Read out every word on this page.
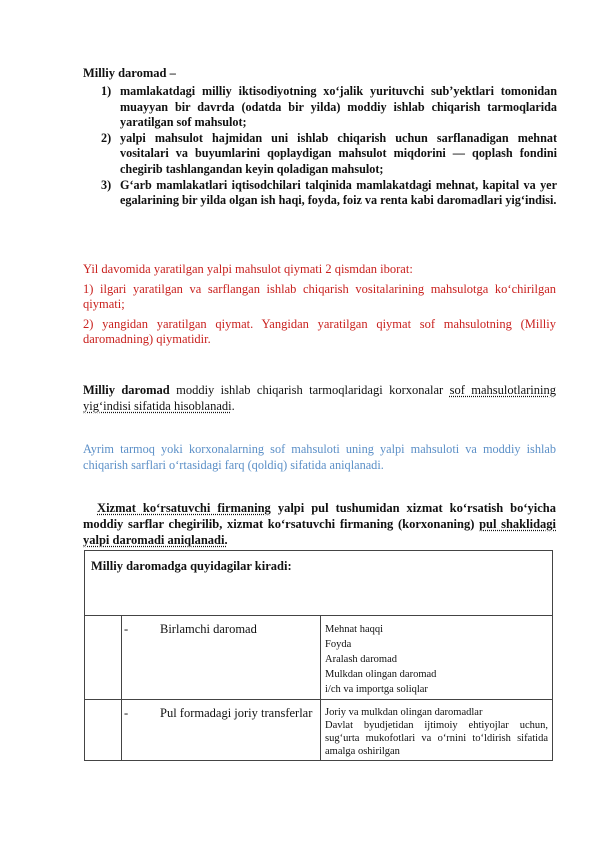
Milliy daromad –
1) mamlakatdagi milliy iktisodiyotning xo‘jalik yurituvchi sub’yektlari tomonidan muayyan bir davrda (odatda bir yilda) moddiy ishlab chiqarish tarmoqlarida yaratilgan sof mahsulot;
2) yalpi mahsulot hajmidan uni ishlab chiqarish uchun sarflanadigan mehnat vositalari va buyumlarini qoplaydigan mahsulot miqdorini — qoplash fondini chegirib tashlangandan keyin qoladigan mahsulot;
3) G‘arb mamlakatlari iqtisodchilari talqinida mamlakatdagi mehnat, kapital va yer egalarining bir yilda olgan ish haqi, foyda, foiz va renta kabi daromadlari yig‘indisi.

Yil davomida yaratilgan yalpi mahsulot qiymati 2 qismdan iborat:

1) ilgari yaratilgan va sarflangan ishlab chiqarish vositalarining mahsulotga ko‘chirilgan qiymati;

2) yangidan yaratilgan qiymat. Yangidan yaratilgan qiymat sof mahsulotning (Milliy daromadning) qiymatidir.

Milliy daromad moddiy ishlab chiqarish tarmoqlaridagi korxonalar sof mahsulotlarining yig‘indisi sifatida hisoblanadi.
Ayrim tarmoq yoki korxonalarning sof mahsuloti uning yalpi mahsuloti va moddiy ishlab chiqarish sarflari o‘rtasidagi farq (qoldiq) sifatida aniqlanadi.
Xizmat ko‘rsatuvchi firmaning yalpi pul tushumidan xizmat ko‘rsatish bo‘yicha moddiy sarflar chegirilib, xizmat ko‘rsatuvchi firmaning (korxonaning) pul shaklidagi yalpi daromadi aniqlanadi.
Milliy daromadga quyidagilar kiradi:		

	- Birlamchi daromad	Mehnat haqqi
Foyda
Aralash daromad
Mulkdan olingan daromad
i/ch va importga soliqlar

	- Pul formadagi joriy transferlar	Joriy va mulkdan olingan daromadlar
Davlat byudjetidan ijtimoiy ehtiyojlar uchun, sug‘urta mukofotlari va o‘rnini to‘ldirish sifatida amalga oshirilgan
